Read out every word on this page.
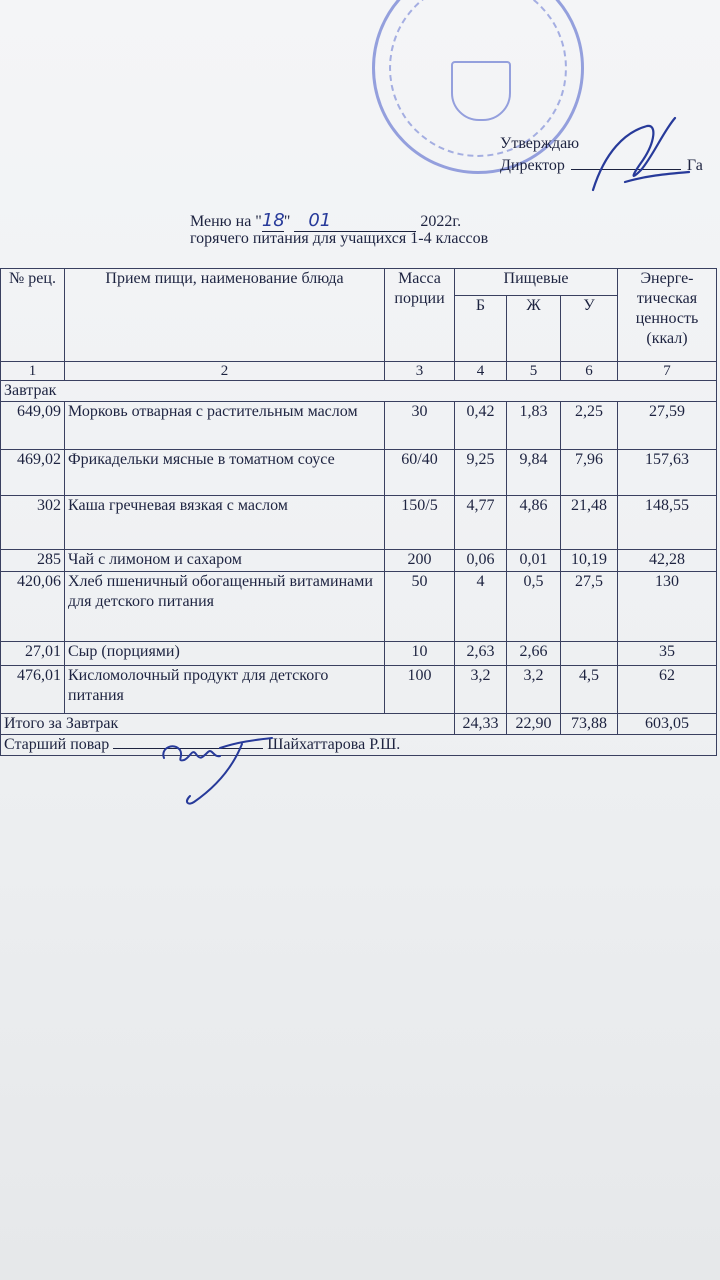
Утверждаю
Директор	Га
Меню на "18" 01	2022г.
горячего питания для учащихся 1-4 классов
№ рец.	Прием пищи, наименование блюда	Масса порции	Пищевые			Энерге-тическая ценность (ккал)
			Б	Ж	У	
1	2	3	4	5	6	7
Завтрак						
649,09	Морковь отварная с растительным маслом	30	0,42	1,83	2,25	27,59
469,02	Фрикадельки мясные в томатном соусе	60/40	9,25	9,84	7,96	157,63
302	Каша гречневая вязкая с маслом	150/5	4,77	4,86	21,48	148,55
285	Чай с лимоном и сахаром	200	0,06	0,01	10,19	42,28
420,06	Хлеб пшеничный обогащенный витаминами для детского питания	50	4	0,5	27,5	130
27,01	Сыр (порциями)	10	2,63	2,66		35
476,01	Кисломолочный продукт для детского питания	100	3,2	3,2	4,5	62
Итого за Завтрак			24,33	22,90	73,88	603,05
Старший повар Шайхаттарова Р.Ш.						
